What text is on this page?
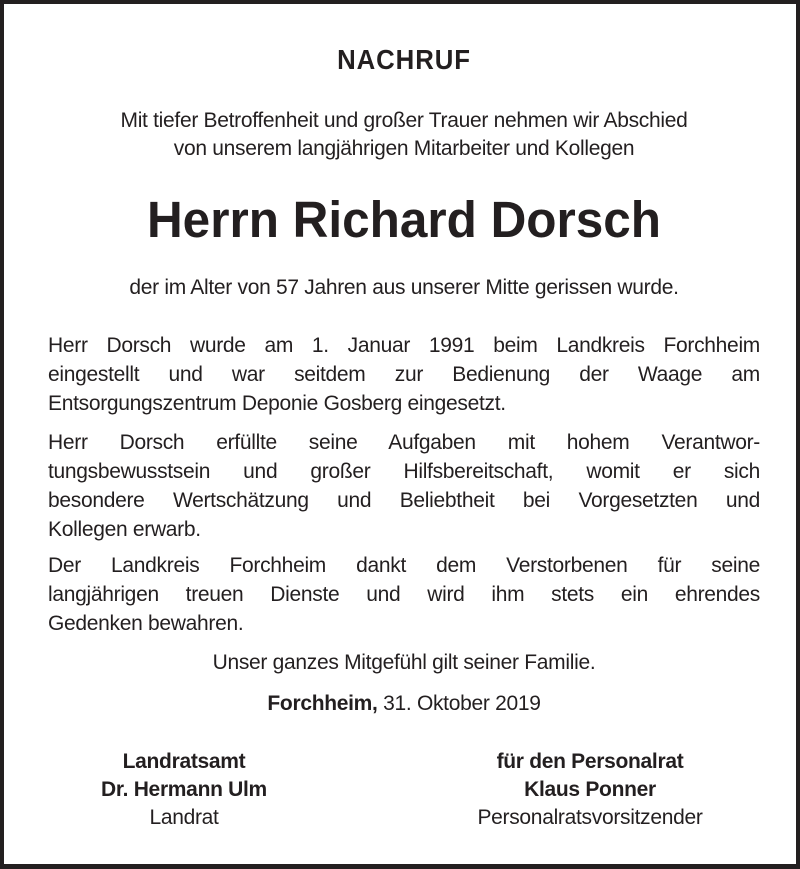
NACHRUF
Mit tiefer Betroffenheit und großer Trauer nehmen wir Abschied
von unserem langjährigen Mitarbeiter und Kollegen
Herrn Richard Dorsch
der im Alter von 57 Jahren aus unserer Mitte gerissen wurde.
Herr Dorsch wurde am 1. Januar 1991 beim Landkreis Forchheim
eingestellt und war seitdem zur Bedienung der Waage am
Entsorgungszentrum Deponie Gosberg eingesetzt.
Herr Dorsch erfüllte seine Aufgaben mit hohem Verantwor-
tungsbewusstsein und großer Hilfsbereitschaft, womit er sich
besondere Wertschätzung und Beliebtheit bei Vorgesetzten und
Kollegen erwarb.
Der Landkreis Forchheim dankt dem Verstorbenen für seine
langjährigen treuen Dienste und wird ihm stets ein ehrendes
Gedenken bewahren.
Unser ganzes Mitgefühl gilt seiner Familie.
Forchheim, 31. Oktober 2019
Landratsamt
Dr. Hermann Ulm
Landrat
für den Personalrat
Klaus Ponner
Personalratsvorsitzender
